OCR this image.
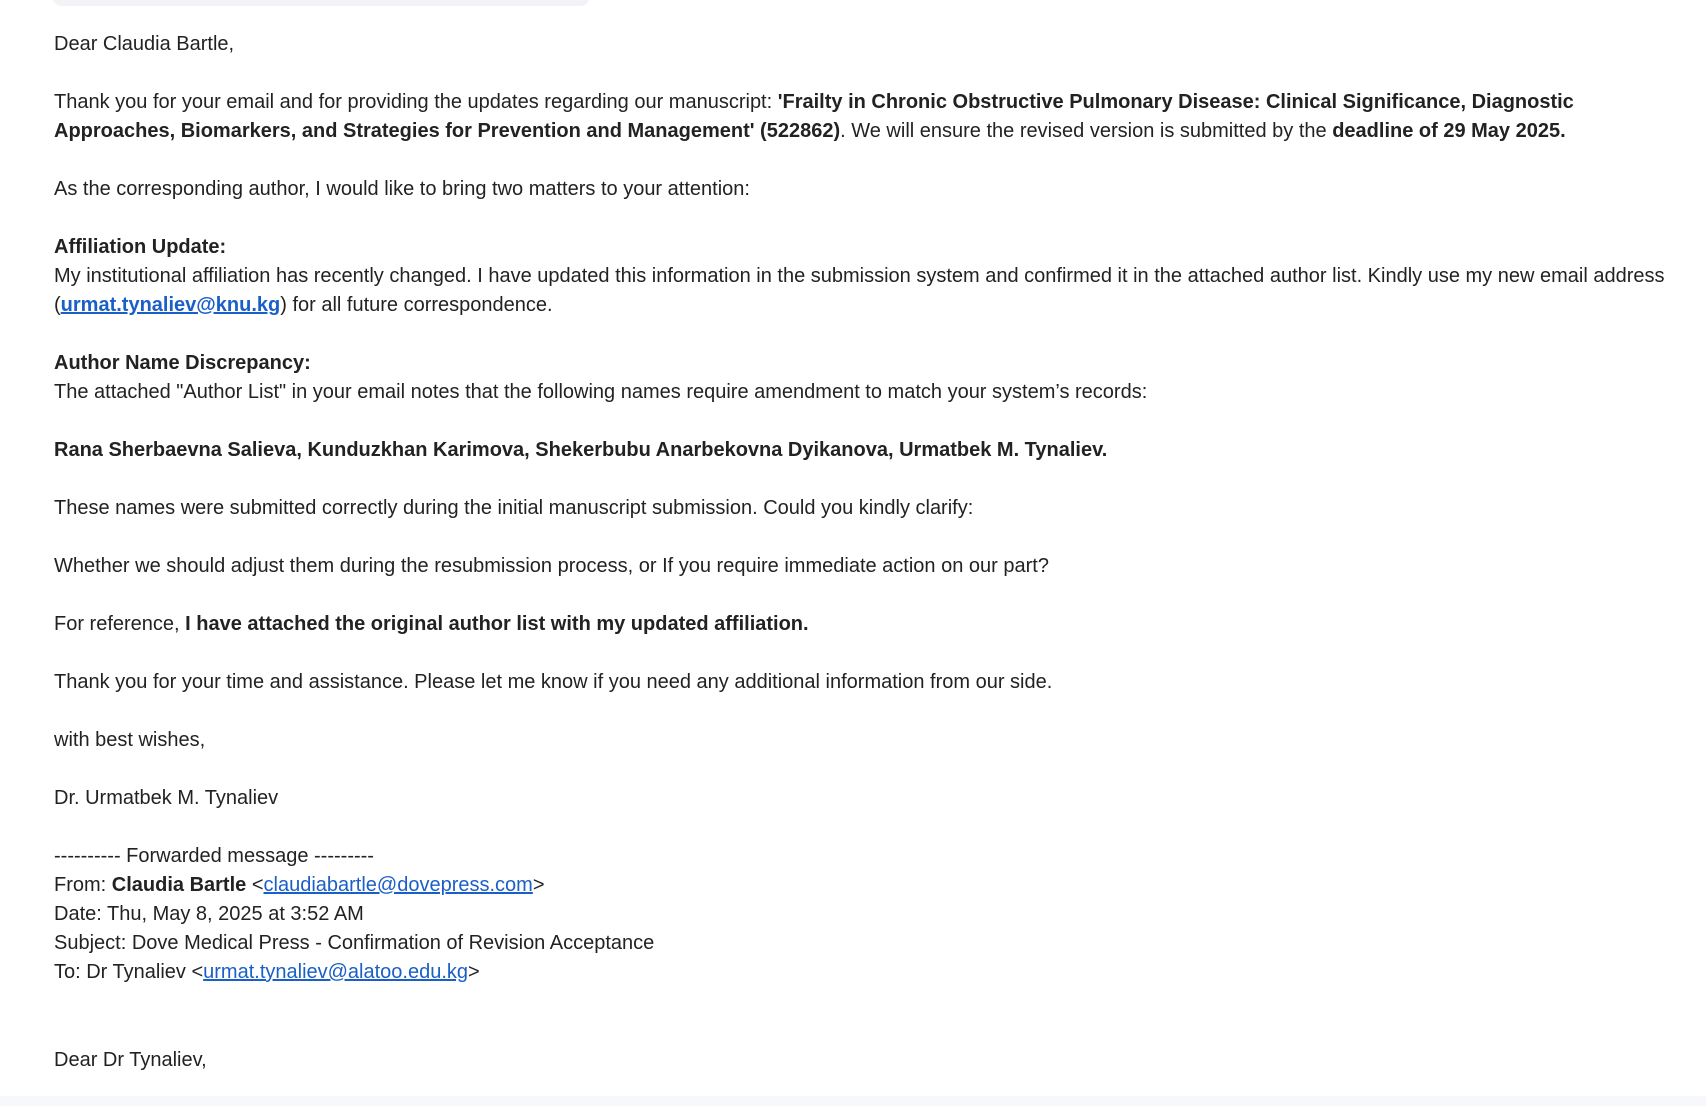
Dear Claudia Bartle,

Thank you for your email and for providing the updates regarding our manuscript: 'Frailty in Chronic Obstructive Pulmonary Disease: Clinical Significance, Diagnostic Approaches, Biomarkers, and Strategies for Prevention and Management' (522862). We will ensure the revised version is submitted by the deadline of 29 May 2025.

As the corresponding author, I would like to bring two matters to your attention:

Affiliation Update:
My institutional affiliation has recently changed. I have updated this information in the submission system and confirmed it in the attached author list. Kindly use my new email address (urmat.tynaliev@knu.kg) for all future correspondence.

Author Name Discrepancy:
The attached "Author List" in your email notes that the following names require amendment to match your system’s records:

Rana Sherbaevna Salieva, Kunduzkhan Karimova, Shekerbubu Anarbekovna Dyikanova, Urmatbek M. Tynaliev.

These names were submitted correctly during the initial manuscript submission. Could you kindly clarify:

Whether we should adjust them during the resubmission process, or If you require immediate action on our part?

For reference, I have attached the original author list with my updated affiliation.

Thank you for your time and assistance. Please let me know if you need any additional information from our side.

with best wishes,

Dr. Urmatbek M. Tynaliev

---------- Forwarded message ---------

From: Claudia Bartle <claudiabartle@dovepress.com>

Date: Thu, May 8, 2025 at 3:52 AM

Subject: Dove Medical Press - Confirmation of Revision Acceptance

To: Dr Tynaliev <urmat.tynaliev@alatoo.edu.kg>

Dear Dr Tynaliev,
